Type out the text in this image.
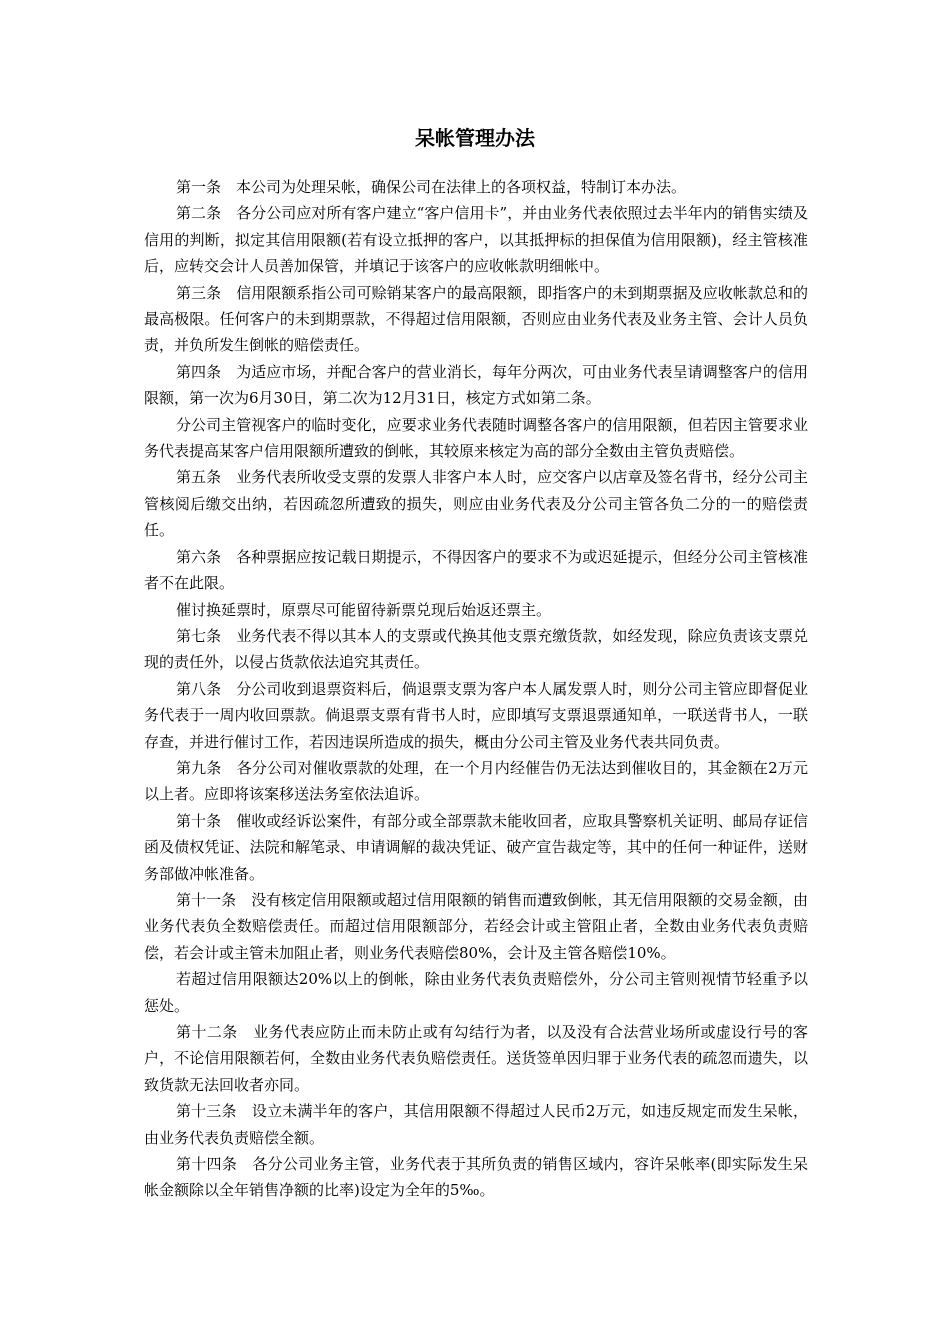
呆帐管理办法

第一条　本公司为处理呆帐，确保公司在法律上的各项权益，特制订本办法。

第二条　各分公司应对所有客户建立“客户信用卡”，并由业务代表依照过去半年内的销售实绩及信用的判断，拟定其信用限额(若有设立抵押的客户，以其抵押标的担保值为信用限额)，经主管核准后，应转交会计人员善加保管，并填记于该客户的应收帐款明细帐中。

第三条　信用限额系指公司可赊销某客户的最高限额，即指客户的未到期票据及应收帐款总和的最高极限。任何客户的未到期票款，不得超过信用限额，否则应由业务代表及业务主管、会计人员负责，并负所发生倒帐的赔偿责任。

第四条　为适应市场，并配合客户的营业消长，每年分两次，可由业务代表呈请调整客户的信用限额，第一次为6月30日，第二次为12月31日，核定方式如第二条。

分公司主管视客户的临时变化，应要求业务代表随时调整各客户的信用限额，但若因主管要求业务代表提高某客户信用限额所遭致的倒帐，其较原来核定为高的部分全数由主管负责赔偿。

第五条　业务代表所收受支票的发票人非客户本人时，应交客户以店章及签名背书，经分公司主管核阅后缴交出纳，若因疏忽所遭致的损失，则应由业务代表及分公司主管各负二分的一的赔偿责任。

第六条　各种票据应按记载日期提示，不得因客户的要求不为或迟延提示，但经分公司主管核准者不在此限。

催讨换延票时，原票尽可能留待新票兑现后始返还票主。

第七条　业务代表不得以其本人的支票或代换其他支票充缴货款，如经发现，除应负责该支票兑现的责任外，以侵占货款依法追究其责任。

第八条　分公司收到退票资料后，倘退票支票为客户本人属发票人时，则分公司主管应即督促业务代表于一周内收回票款。倘退票支票有背书人时，应即填写支票退票通知单，一联送背书人，一联存查，并进行催讨工作，若因违误所造成的损失，概由分公司主管及业务代表共同负责。

第九条　各分公司对催收票款的处理，在一个月内经催告仍无法达到催收目的，其金额在2万元以上者。应即将该案移送法务室依法追诉。

第十条　催收或经诉讼案件，有部分或全部票款未能收回者，应取具警察机关证明、邮局存证信函及债权凭证、法院和解笔录、申请调解的裁决凭证、破产宣告裁定等，其中的任何一种证件，送财务部做冲帐准备。

第十一条　没有核定信用限额或超过信用限额的销售而遭致倒帐，其无信用限额的交易金额，由业务代表负全数赔偿责任。而超过信用限额部分，若经会计或主管阻止者，全数由业务代表负责赔偿，若会计或主管未加阻止者，则业务代表赔偿80%，会计及主管各赔偿10%。

若超过信用限额达20%以上的倒帐，除由业务代表负责赔偿外，分公司主管则视情节轻重予以惩处。

第十二条　业务代表应防止而未防止或有勾结行为者，以及没有合法营业场所或虚设行号的客户，不论信用限额若何，全数由业务代表负赔偿责任。送货签单因归罪于业务代表的疏忽而遗失，以致货款无法回收者亦同。

第十三条　设立未满半年的客户，其信用限额不得超过人民币2万元，如违反规定而发生呆帐，由业务代表负责赔偿全额。

第十四条　各分公司业务主管，业务代表于其所负责的销售区域内，容许呆帐率(即实际发生呆帐金额除以全年销售净额的比率)设定为全年的5‰。
